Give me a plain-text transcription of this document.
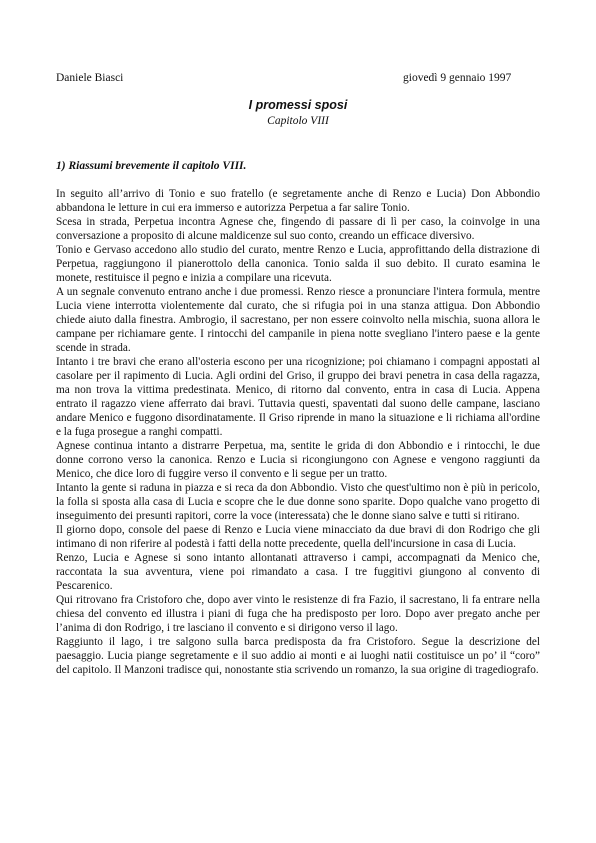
Daniele Biasci	giovedì 9 gennaio 1997
I promessi sposi
Capitolo VIII
1) Riassumi brevemente il capitolo VIII.

In seguito all’arrivo di Tonio e suo fratello (e segretamente anche di Renzo e Lucia) Don Abbondio abbandona le letture in cui era immerso e autorizza Perpetua a far salire Tonio.

Scesa in strada, Perpetua incontra Agnese che, fingendo di passare di lì per caso, la coinvolge in una conversazione a proposito di alcune maldicenze sul suo conto, creando un efficace diversivo.

Tonio e Gervaso accedono allo studio del curato, mentre Renzo e Lucia, approfittando della distrazione di Perpetua, raggiungono il pianerottolo della canonica. Tonio salda il suo debito. Il curato esamina le monete, restituisce il pegno e inizia a compilare una ricevuta.

A un segnale convenuto entrano anche i due promessi. Renzo riesce a pronunciare l'intera formula, mentre Lucia viene interrotta violentemente dal curato, che si rifugia poi in una stanza attigua. Don Abbondio chiede aiuto dalla finestra. Ambrogio, il sacrestano, per non essere coinvolto nella mischia, suona allora le campane per richiamare gente. I rintocchi del campanile in piena notte svegliano l'intero paese e la gente scende in strada.

Intanto i tre bravi che erano all'osteria escono per una ricognizione; poi chiamano i compagni appostati al casolare per il rapimento di Lucia. Agli ordini del Griso, il gruppo dei bravi penetra in casa della ragazza, ma non trova la vittima predestinata. Menico, di ritorno dal convento, entra in casa di Lucia. Appena entrato il ragazzo viene afferrato dai bravi. Tuttavia questi, spaventati dal suono delle campane, lasciano andare Menico e fuggono disordinatamente. Il Griso riprende in mano la situazione e li richiama all'ordine e la fuga prosegue a ranghi compatti.

Agnese continua intanto a distrarre Perpetua, ma, sentite le grida di don Abbondio e i rintocchi, le due donne corrono verso la canonica. Renzo e Lucia si ricongiungono con Agnese e vengono raggiunti da Menico, che dice loro di fuggire verso il convento e li segue per un tratto.

Intanto la gente si raduna in piazza e si reca da don Abbondio. Visto che quest'ultimo non è più in pericolo, la folla si sposta alla casa di Lucia e scopre che le due donne sono sparite. Dopo qualche vano progetto di inseguimento dei presunti rapitori, corre la voce (interessata) che le donne siano salve e tutti si ritirano.

Il giorno dopo, console del paese di Renzo e Lucia viene minacciato da due bravi di don Rodrigo che gli intimano di non riferire al podestà i fatti della notte precedente, quella dell'incursione in casa di Lucia.

Renzo, Lucia e Agnese si sono intanto allontanati attraverso i campi, accompagnati da Menico che, raccontata la sua avventura, viene poi rimandato a casa. I tre fuggitivi giungono al convento di Pescarenico.

Qui ritrovano fra Cristoforo che, dopo aver vinto le resistenze di fra Fazio, il sacrestano, li fa entrare nella chiesa del convento ed illustra i piani di fuga che ha predisposto per loro. Dopo aver pregato anche per l’anima di don Rodrigo, i tre lasciano il convento e si dirigono verso il lago.

Raggiunto il lago, i tre salgono sulla barca predisposta da fra Cristoforo. Segue la descrizione del paesaggio. Lucia piange segretamente e il suo addio ai monti e ai luoghi natii costituisce un po’ il “coro” del capitolo. Il Manzoni tradisce qui, nonostante stia scrivendo un romanzo, la sua origine di tragediografo.
